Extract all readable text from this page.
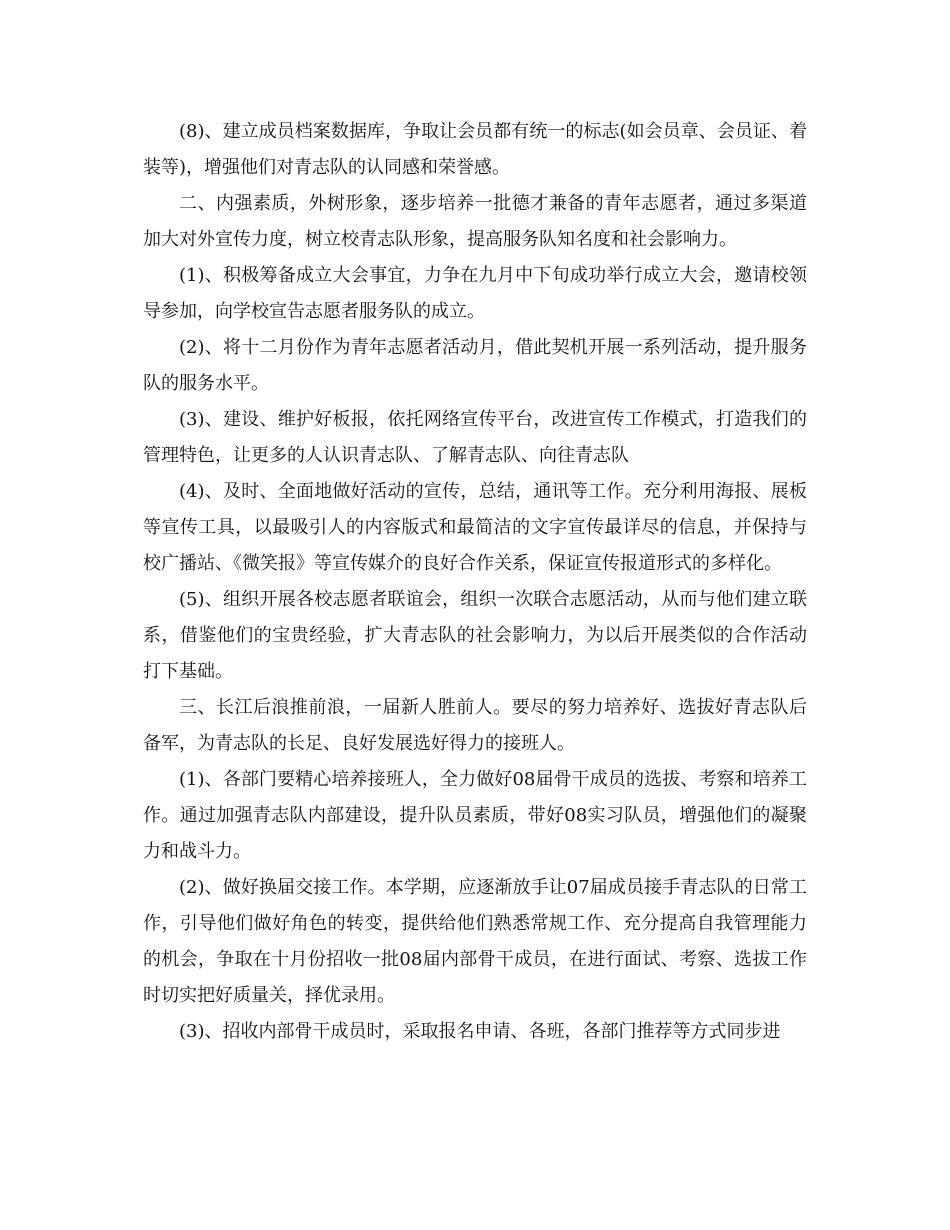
(8)、建立成员档案数据库，争取让会员都有统一的标志(如会员章、会员证、着装等)，增强他们对青志队的认同感和荣誉感。

二、内强素质，外树形象，逐步培养一批德才兼备的青年志愿者，通过多渠道加大对外宣传力度，树立校青志队形象，提高服务队知名度和社会影响力。

(1)、积极筹备成立大会事宜，力争在九月中下旬成功举行成立大会，邀请校领导参加，向学校宣告志愿者服务队的成立。

(2)、将十二月份作为青年志愿者活动月，借此契机开展一系列活动，提升服务队的服务水平。

(3)、建设、维护好板报，依托网络宣传平台，改进宣传工作模式，打造我们的管理特色，让更多的人认识青志队、了解青志队、向往青志队

(4)、及时、全面地做好活动的宣传，总结，通讯等工作。充分利用海报、展板等宣传工具，以最吸引人的内容版式和最简洁的文字宣传最详尽的信息，并保持与校广播站、《微笑报》等宣传媒介的良好合作关系，保证宣传报道形式的多样化。

(5)、组织开展各校志愿者联谊会，组织一次联合志愿活动，从而与他们建立联系，借鉴他们的宝贵经验，扩大青志队的社会影响力，为以后开展类似的合作活动打下基础。

三、长江后浪推前浪，一届新人胜前人。要尽的努力培养好、选拔好青志队后备军，为青志队的长足、良好发展选好得力的接班人。

(1)、各部门要精心培养接班人，全力做好08届骨干成员的选拔、考察和培养工作。通过加强青志队内部建设，提升队员素质，带好08实习队员，增强他们的凝聚力和战斗力。

(2)、做好换届交接工作。本学期，应逐渐放手让07届成员接手青志队的日常工作，引导他们做好角色的转变，提供给他们熟悉常规工作、充分提高自我管理能力的机会，争取在十月份招收一批08届内部骨干成员，在进行面试、考察、选拔工作时切实把好质量关，择优录用。

(3)、招收内部骨干成员时，采取报名申请、各班，各部门推荐等方式同步进
